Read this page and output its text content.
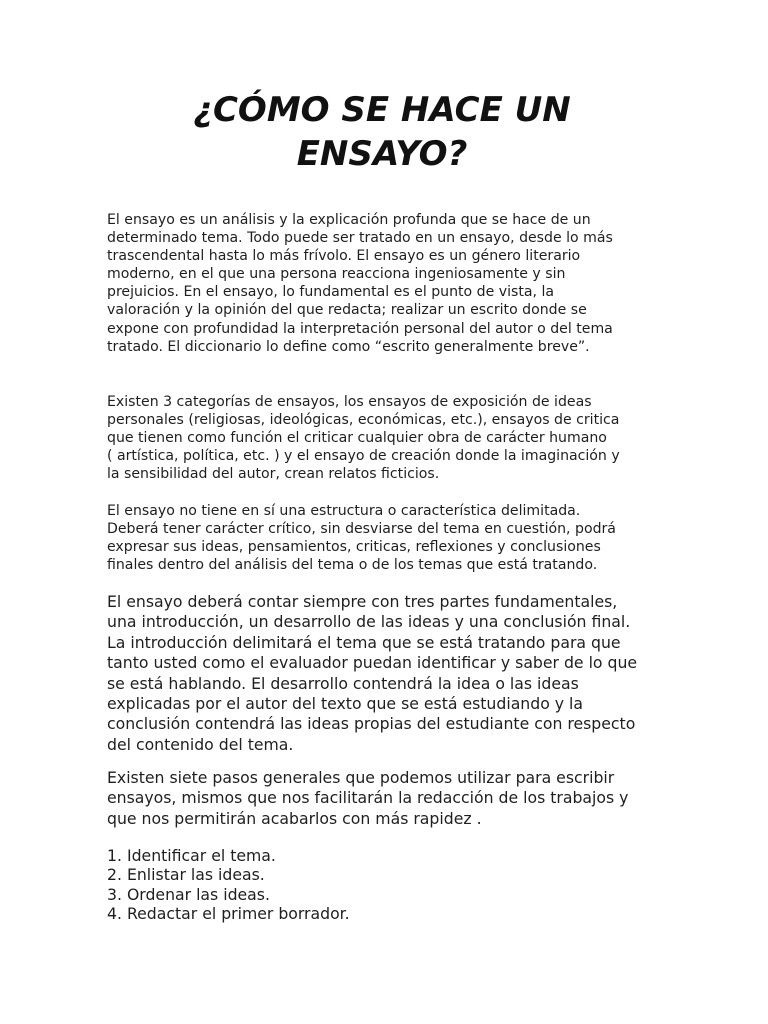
¿CÓMO SE HACE UN
ENSAYO?

El ensayo es un análisis y la explicación profunda que se hace de un
determinado tema. Todo puede ser tratado en un ensayo, desde lo más
trascendental hasta lo más frívolo. El ensayo es un género literario
moderno, en el que una persona reacciona ingeniosamente y sin
prejuicios. En el ensayo, lo fundamental es el punto de vista, la
valoración y la opinión del que redacta; realizar un escrito donde se
expone con profundidad la interpretación personal del autor o del tema
tratado. El diccionario lo define como “escrito generalmente breve”.

Existen 3 categorías de ensayos, los ensayos de exposición de ideas
personales (religiosas, ideológicas, económicas, etc.), ensayos de critica
que tienen como función el criticar cualquier obra de carácter humano
( artística, política, etc. ) y el ensayo de creación donde la imaginación y
la sensibilidad del autor, crean relatos ficticios.

El ensayo no tiene en sí una estructura o característica delimitada.
Deberá tener carácter crítico, sin desviarse del tema en cuestión, podrá
expresar sus ideas, pensamientos, criticas, reflexiones y conclusiones
finales dentro del análisis del tema o de los temas que está tratando.

El ensayo deberá contar siempre con tres partes fundamentales,
una introducción, un desarrollo de las ideas y una conclusión final.
La introducción delimitará el tema que se está tratando para que
tanto usted como el evaluador puedan identificar y saber de lo que
se está hablando. El desarrollo contendrá la idea o las ideas
explicadas por el autor del texto que se está estudiando y la
conclusión contendrá las ideas propias del estudiante con respecto
del contenido del tema.

Existen siete pasos generales que podemos utilizar para escribir
ensayos, mismos que nos facilitarán la redacción de los trabajos y
que nos permitirán acabarlos con más rapidez .

1. Identificar el tema.
2. Enlistar las ideas.
3. Ordenar las ideas.
4. Redactar el primer borrador.
